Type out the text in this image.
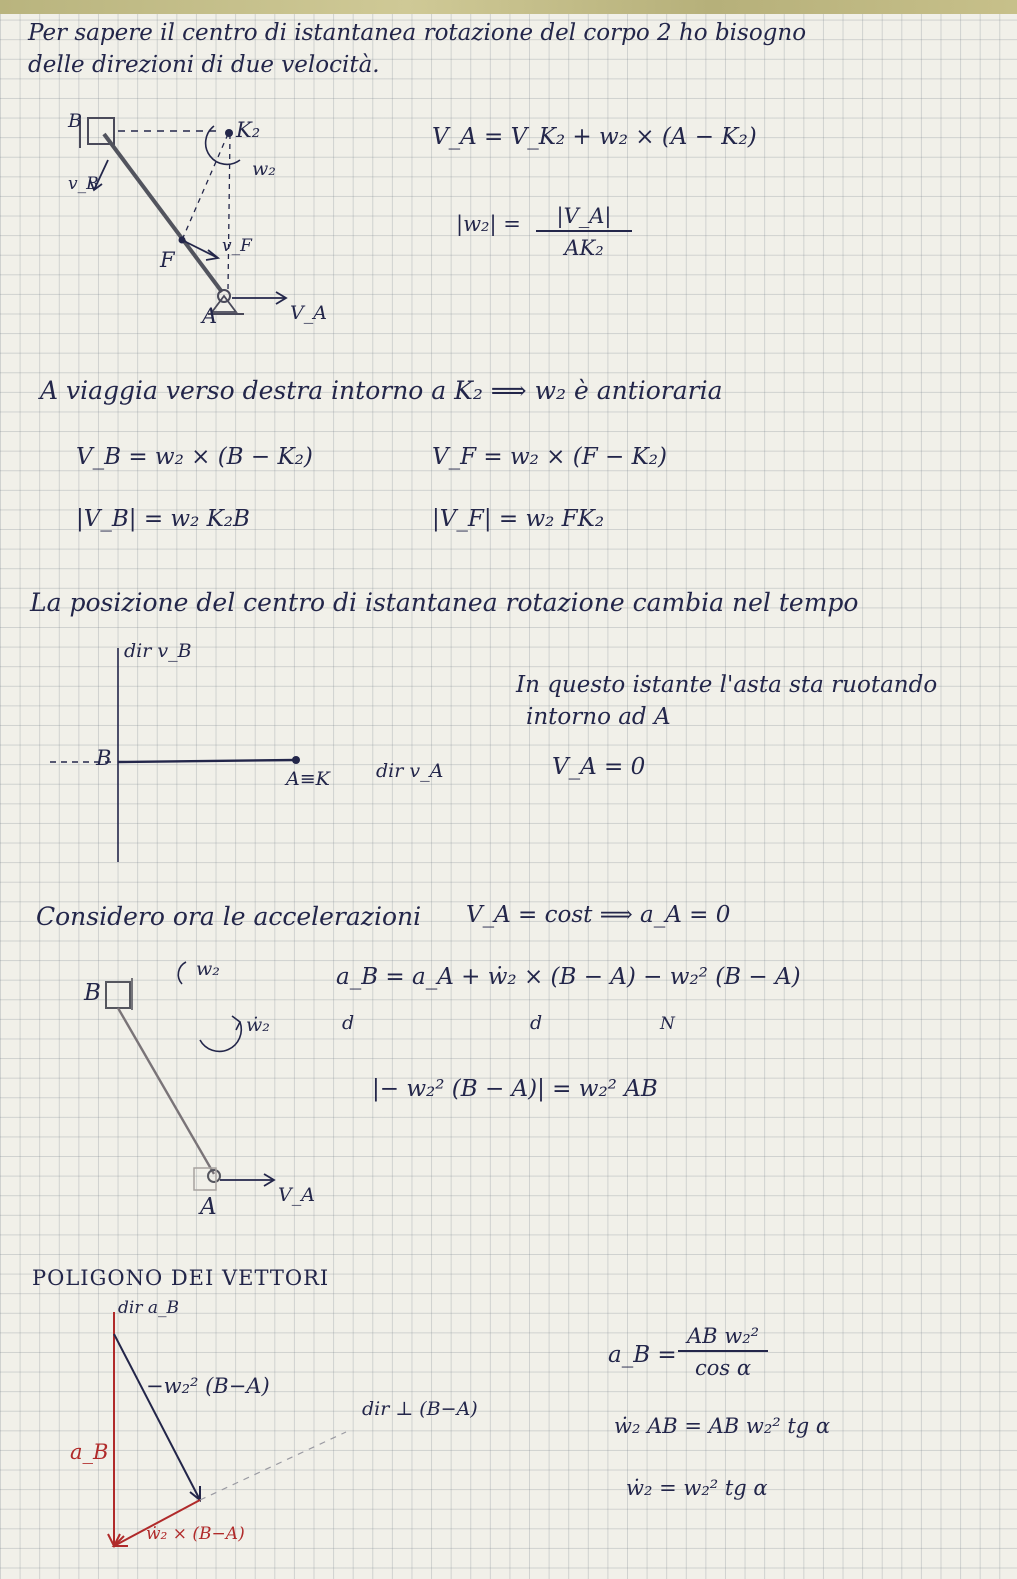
Per sapere il centro di istantanea rotazione del corpo 2 ho bisogno
delle direzioni di due velocità.
B	K₂
w₂
v_B
F
v_F
A	V_A
V_A = V_K₂ + w₂ × (A − K₂)
$|w_2| = \frac{|V\_A|}{\text{AK₂}}$
A viaggia verso destra intorno a K₂ ⟹ w₂ è antioraria
V_B = w₂ × (B − K₂)
|V_B| = w₂ K₂B
V_F = w₂ × (F − K₂)
|V_F| = w₂ FK₂
La posizione del centro di istantanea rotazione cambia nel tempo
dir v_B
B
A≡K dir v_A
In questo istante l'asta sta ruotando
intorno ad A
V_A = 0
Considero ora le accelerazioni V_A = cost ⟹ a_A = 0
B
w₂
ẇ₂
A	V_A
a_B = a_A + ẇ₂ × (B − A) − w₂² (B − A)
d	d	N
|− w₂² (B − A)| = w₂² AB
POLIGONO DEI VETTORI
dir a_B
−w₂² (B−A)
dir ⊥ (B−A)
a_B
ẇ₂ × (B−A)
a_B = $\frac{\text{AB w₂²}}{\text{cos α}}$
ẇ₂ AB = AB w₂² tg α
ẇ₂ = w₂² tg α
